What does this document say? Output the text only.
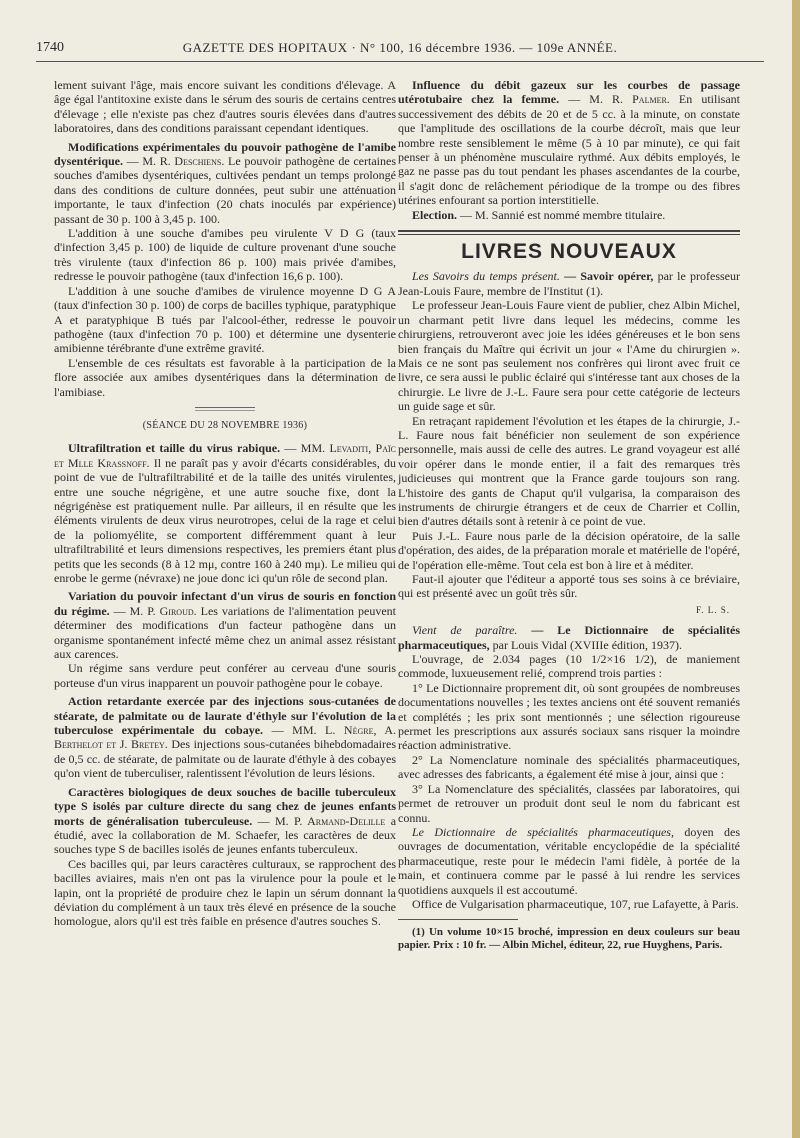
1740	GAZETTE DES HOPITAUX · N° 100, 16 décembre 1936. — 109e ANNÉE.

lement suivant l'âge, mais encore suivant les conditions d'élevage. A âge égal l'antitoxine existe dans le sérum des souris de certains centres d'élevage ; elle n'existe pas chez d'autres souris élevées dans d'autres laboratoires, dans des conditions paraissant cependant identiques.

Modifications expérimentales du pouvoir pathogène de l'amibe dysentérique. — M. R. Deschiens. Le pouvoir pathogène de certaines souches d'amibes dysentériques, cultivées pendant un temps prolongé dans des conditions de culture données, peut subir une atténuation importante, le taux d'infection (20 chats inoculés par expérience) passant de 30 p. 100 à 3,45 p. 100.

L'addition à une souche d'amibes peu virulente V D G (taux d'infection 3,45 p. 100) de liquide de culture provenant d'une souche très virulente (taux d'infection 86 p. 100) mais privée d'amibes, redresse le pouvoir pathogène (taux d'infection 16,6 p. 100).

L'addition à une souche d'amibes de virulence moyenne D G A (taux d'infection 30 p. 100) de corps de bacilles typhique, paratyphique A et paratyphique B tués par l'alcool-éther, redresse le pouvoir pathogène (taux d'infection 70 p. 100) et détermine une dysenterie amibienne térébrante d'une extrême gravité.

L'ensemble de ces résultats est favorable à la participation de la flore associée aux amibes dysentériques dans la détermination de l'amibiase.

(SÉANCE DU 28 NOVEMBRE 1936)

Ultrafiltration et taille du virus rabique. — MM. Levaditi, Païc et Mlle Krassnoff. Il ne paraît pas y avoir d'écarts considérables, du point de vue de l'ultrafiltrabilité et de la taille des unités virulentes, entre une souche négrigène, et une autre souche fixe, dont la négrigénèse est pratiquement nulle. Par ailleurs, il en résulte que les éléments virulents de deux virus neurotropes, celui de la rage et celui de la poliomyélite, se comportent différemment quant à leur ultrafiltrabilité et leurs dimensions respectives, les premiers étant plus petits que les seconds (8 à 12 mμ, contre 160 à 240 mμ). Le milieu qui enrobe le germe (névraxe) ne joue donc ici qu'un rôle de second plan.

Variation du pouvoir infectant d'un virus de souris en fonction du régime. — M. P. Giroud. Les variations de l'alimentation peuvent déterminer des modifications d'un facteur pathogène dans un organisme spontanément infecté même chez un animal assez résistant aux carences.

Un régime sans verdure peut conférer au cerveau d'une souris porteuse d'un virus inapparent un pouvoir pathogène pour le cobaye.

Action retardante exercée par des injections sous-cutanées de stéarate, de palmitate ou de laurate d'éthyle sur l'évolution de la tuberculose expérimentale du cobaye. — MM. L. Nègre, A. Berthelot et J. Bretey. Des injections sous-cutanées bihebdomadaires de 0,5 cc. de stéarate, de palmitate ou de laurate d'éthyle à des cobayes qu'on vient de tuberculiser, ralentissent l'évolution de leurs lésions.

Caractères biologiques de deux souches de bacille tuberculeux type S isolés par culture directe du sang chez de jeunes enfants morts de généralisation tuberculeuse. — M. P. Armand-Delille a étudié, avec la collaboration de M. Schaefer, les caractères de deux souches type S de bacilles isolés de jeunes enfants tuberculeux.

Ces bacilles qui, par leurs caractères culturaux, se rapprochent des bacilles aviaires, mais n'en ont pas la virulence pour la poule et le lapin, ont la propriété de produire chez le lapin un sérum donnant la déviation du complément à un taux très élevé en présence de la souche homologue, alors qu'il est très faible en présence d'autres souches S.

Influence du débit gazeux sur les courbes de passage utérotubaire chez la femme. — M. R. Palmer. En utilisant successivement des débits de 20 et de 5 cc. à la minute, on constate que l'amplitude des oscillations de la courbe décroît, mais que leur nombre reste sensiblement le même (5 à 10 par minute), ce qui fait penser à un phénomène musculaire rythmé. Aux débits employés, le gaz ne passe pas du tout pendant les phases ascendantes de la courbe, il s'agit donc de relâchement périodique de la trompe ou des fibres utérines enfourant sa portion interstitielle.

Election. — M. Sannié est nommé membre titulaire.

LIVRES NOUVEAUX

Les Savoirs du temps présent. — Savoir opérer, par le professeur Jean-Louis Faure, membre de l'Institut (1).

Le professeur Jean-Louis Faure vient de publier, chez Albin Michel, un charmant petit livre dans lequel les médecins, comme les chirurgiens, retrouveront avec joie les idées généreuses et le bon sens bien français du Maître qui écrivit un jour « l'Ame du chirurgien ». Mais ce ne sont pas seulement nos confrères qui liront avec fruit ce livre, ce sera aussi le public éclairé qui s'intéresse tant aux choses de la chirurgie. Le livre de J.-L. Faure sera pour cette catégorie de lecteurs un guide sage et sûr.

En retraçant rapidement l'évolution et les étapes de la chirurgie, J.-L. Faure nous fait bénéficier non seulement de son expérience personnelle, mais aussi de celle des autres. Le grand voyageur est allé voir opérer dans le monde entier, il a fait des remarques très judicieuses qui montrent que la France garde toujours son rang. L'histoire des gants de Chaput qu'il vulgarisa, la comparaison des instruments de chirurgie étrangers et de ceux de Charrier et Collin, bien d'autres détails sont à retenir à ce point de vue.

Puis J.-L. Faure nous parle de la décision opératoire, de la salle d'opération, des aides, de la préparation morale et matérielle de l'opéré, de l'opération elle-même. Tout cela est bon à lire et à méditer.

Faut-il ajouter que l'éditeur a apporté tous ses soins à ce bréviaire, qui est présenté avec un goût très sûr.

F. L. S.

Vient de paraître. — Le Dictionnaire de spécialités pharmaceutiques, par Louis Vidal (XVIIIe édition, 1937).

L'ouvrage, de 2.034 pages (10 1/2×16 1/2), de maniement commode, luxueusement relié, comprend trois parties :

1° Le Dictionnaire proprement dit, où sont groupées de nombreuses documentations nouvelles ; les textes anciens ont été souvent remaniés et complétés ; les prix sont mentionnés ; une sélection rigoureuse permet les prescriptions aux assurés sociaux sans risquer la moindre réaction administrative.

2° La Nomenclature nominale des spécialités pharmaceutiques, avec adresses des fabricants, a également été mise à jour, ainsi que :

3° La Nomenclature des spécialités, classées par laboratoires, qui permet de retrouver un produit dont seul le nom du fabricant est connu.

Le Dictionnaire de spécialités pharmaceutiques, doyen des ouvrages de documentation, véritable encyclopédie de la spécialité pharmaceutique, reste pour le médecin l'ami fidèle, à portée de la main, et continuera comme par le passé à lui rendre les services quotidiens auxquels il est accoutumé.

Office de Vulgarisation pharmaceutique, 107, rue Lafayette, à Paris.

(1) Un volume 10×15 broché, impression en deux couleurs sur beau papier. Prix : 10 fr. — Albin Michel, éditeur, 22, rue Huyghens, Paris.
